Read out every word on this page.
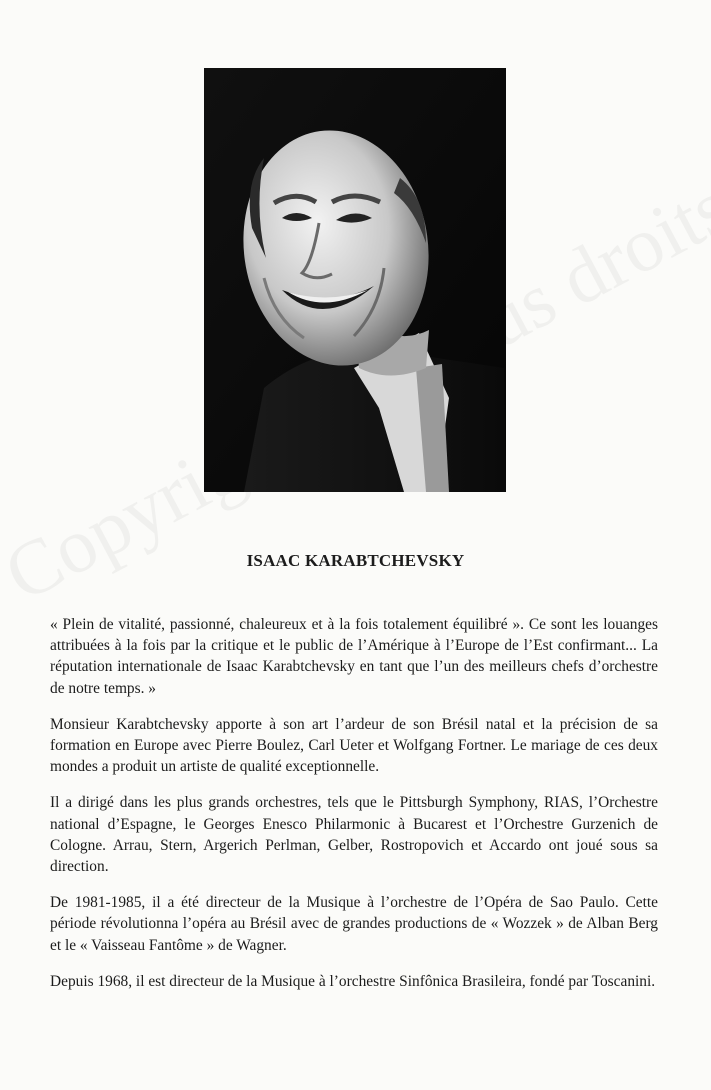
ISAAC KARABTCHEVSKY

« Plein de vitalité, passionné, chaleureux et à la fois totalement équilibré ». Ce sont les louanges attribuées à la fois par la critique et le public de l’Amérique à l’Europe de l’Est confirmant... La réputation internationale de Isaac Karabtchevsky en tant que l’un des meilleurs chefs d’orchestre de notre temps. »

Monsieur Karabtchevsky apporte à son art l’ardeur de son Brésil natal et la précision de sa formation en Europe avec Pierre Boulez, Carl Ueter et Wolfgang Fortner. Le mariage de ces deux mondes a produit un artiste de qualité exceptionnelle.

Il a dirigé dans les plus grands orchestres, tels que le Pittsburgh Symphony, RIAS, l’Orchestre national d’Espagne, le Georges Enesco Philarmonic à Bucarest et l’Orchestre Gurzenich de Cologne. Arrau, Stern, Argerich Perlman, Gelber, Rostropovich et Accardo ont joué sous sa direction.

De 1981-1985, il a été directeur de la Musique à l’orchestre de l’Opéra de Sao Paulo. Cette période révolutionna l’opéra au Brésil avec de grandes productions de « Wozzek » de Alban Berg et le « Vaisseau Fantôme » de Wagner.

Depuis 1968, il est directeur de la Musique à l’orchestre Sinfônica Brasileira, fondé par Toscanini.
